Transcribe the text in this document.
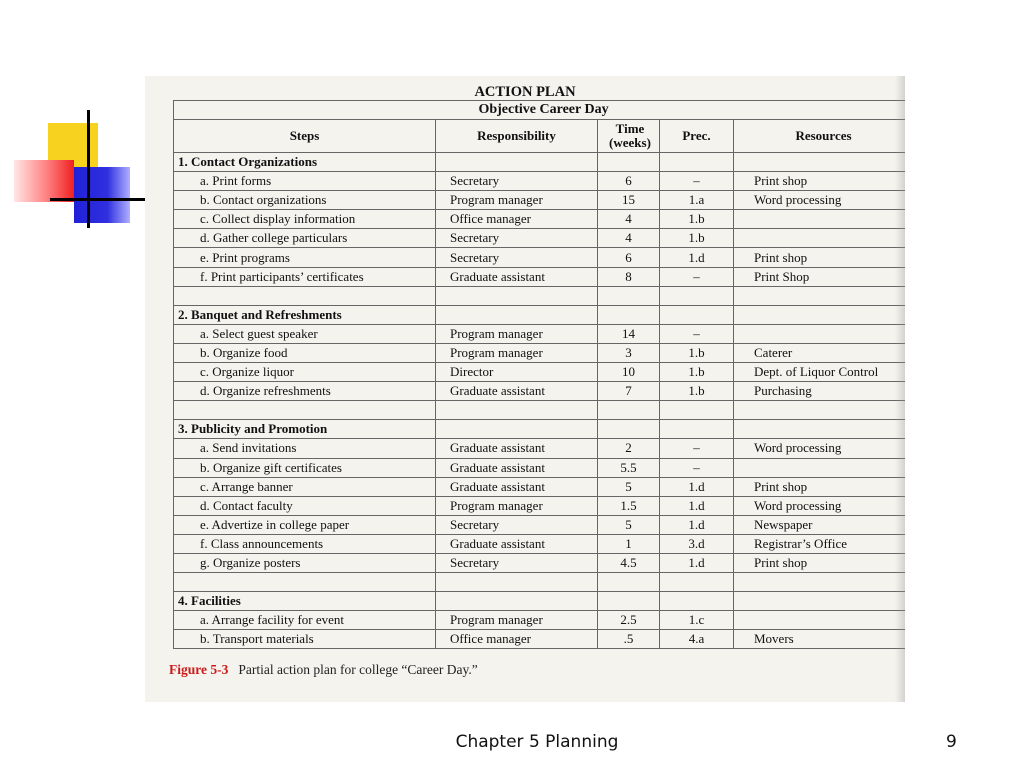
ACTION PLAN
Objective Career Day				
Steps	Responsibility	Time (weeks)	Prec.	Resources
1. Contact Organizations				
a. Print forms	Secretary	6	–	Print shop
b. Contact organizations	Program manager	15	1.a	Word processing
c. Collect display information	Office manager	4	1.b	
d. Gather college particulars	Secretary	4	1.b	
e. Print programs	Secretary	6	1.d	Print shop
f. Print participants’ certificates	Graduate assistant	8	–	Print Shop

2. Banquet and Refreshments				
a. Select guest speaker	Program manager	14	–	
b. Organize food	Program manager	3	1.b	Caterer
c. Organize liquor	Director	10	1.b	Dept. of Liquor Control
d. Organize refreshments	Graduate assistant	7	1.b	Purchasing

3. Publicity and Promotion				
a. Send invitations	Graduate assistant	2	–	Word processing
b. Organize gift certificates	Graduate assistant	5.5	–	
c. Arrange banner	Graduate assistant	5	1.d	Print shop
d. Contact faculty	Program manager	1.5	1.d	Word processing
e. Advertize in college paper	Secretary	5	1.d	Newspaper
f. Class announcements	Graduate assistant	1	3.d	Registrar’s Office
g. Organize posters	Secretary	4.5	1.d	Print shop

4. Facilities				
a. Arrange facility for event	Program manager	2.5	1.c	
b. Transport materials	Office manager	.5	4.a	Movers
Figure 5-3 Partial action plan for college “Career Day.”
Chapter 5 Planning	9
